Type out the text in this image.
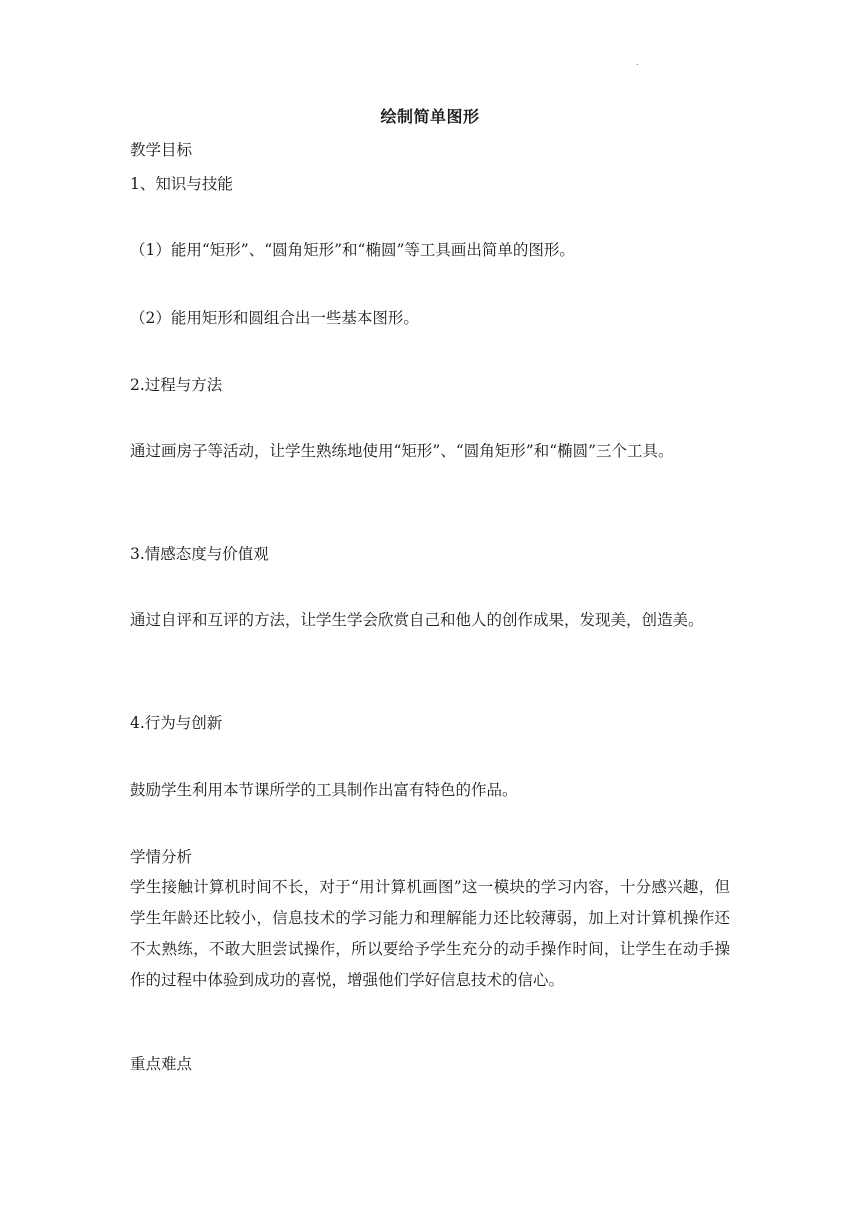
.
绘制简单图形
教学目标
1、知识与技能
（1）能用“矩形”、“圆角矩形”和“椭圆”等工具画出简单的图形。
（2）能用矩形和圆组合出一些基本图形。
2.过程与方法
通过画房子等活动，让学生熟练地使用“矩形”、“圆角矩形”和“椭圆”三个工具。
3.情感态度与价值观
通过自评和互评的方法，让学生学会欣赏自己和他人的创作成果，发现美，创造美。
4.行为与创新
鼓励学生利用本节课所学的工具制作出富有特色的作品。
学情分析
学生接触计算机时间不长，对于“用计算机画图”这一模块的学习内容，十分感兴趣，但学生年龄还比较小，信息技术的学习能力和理解能力还比较薄弱，加上对计算机操作还不太熟练，不敢大胆尝试操作，所以要给予学生充分的动手操作时间，让学生在动手操作的过程中体验到成功的喜悦，增强他们学好信息技术的信心。
重点难点
